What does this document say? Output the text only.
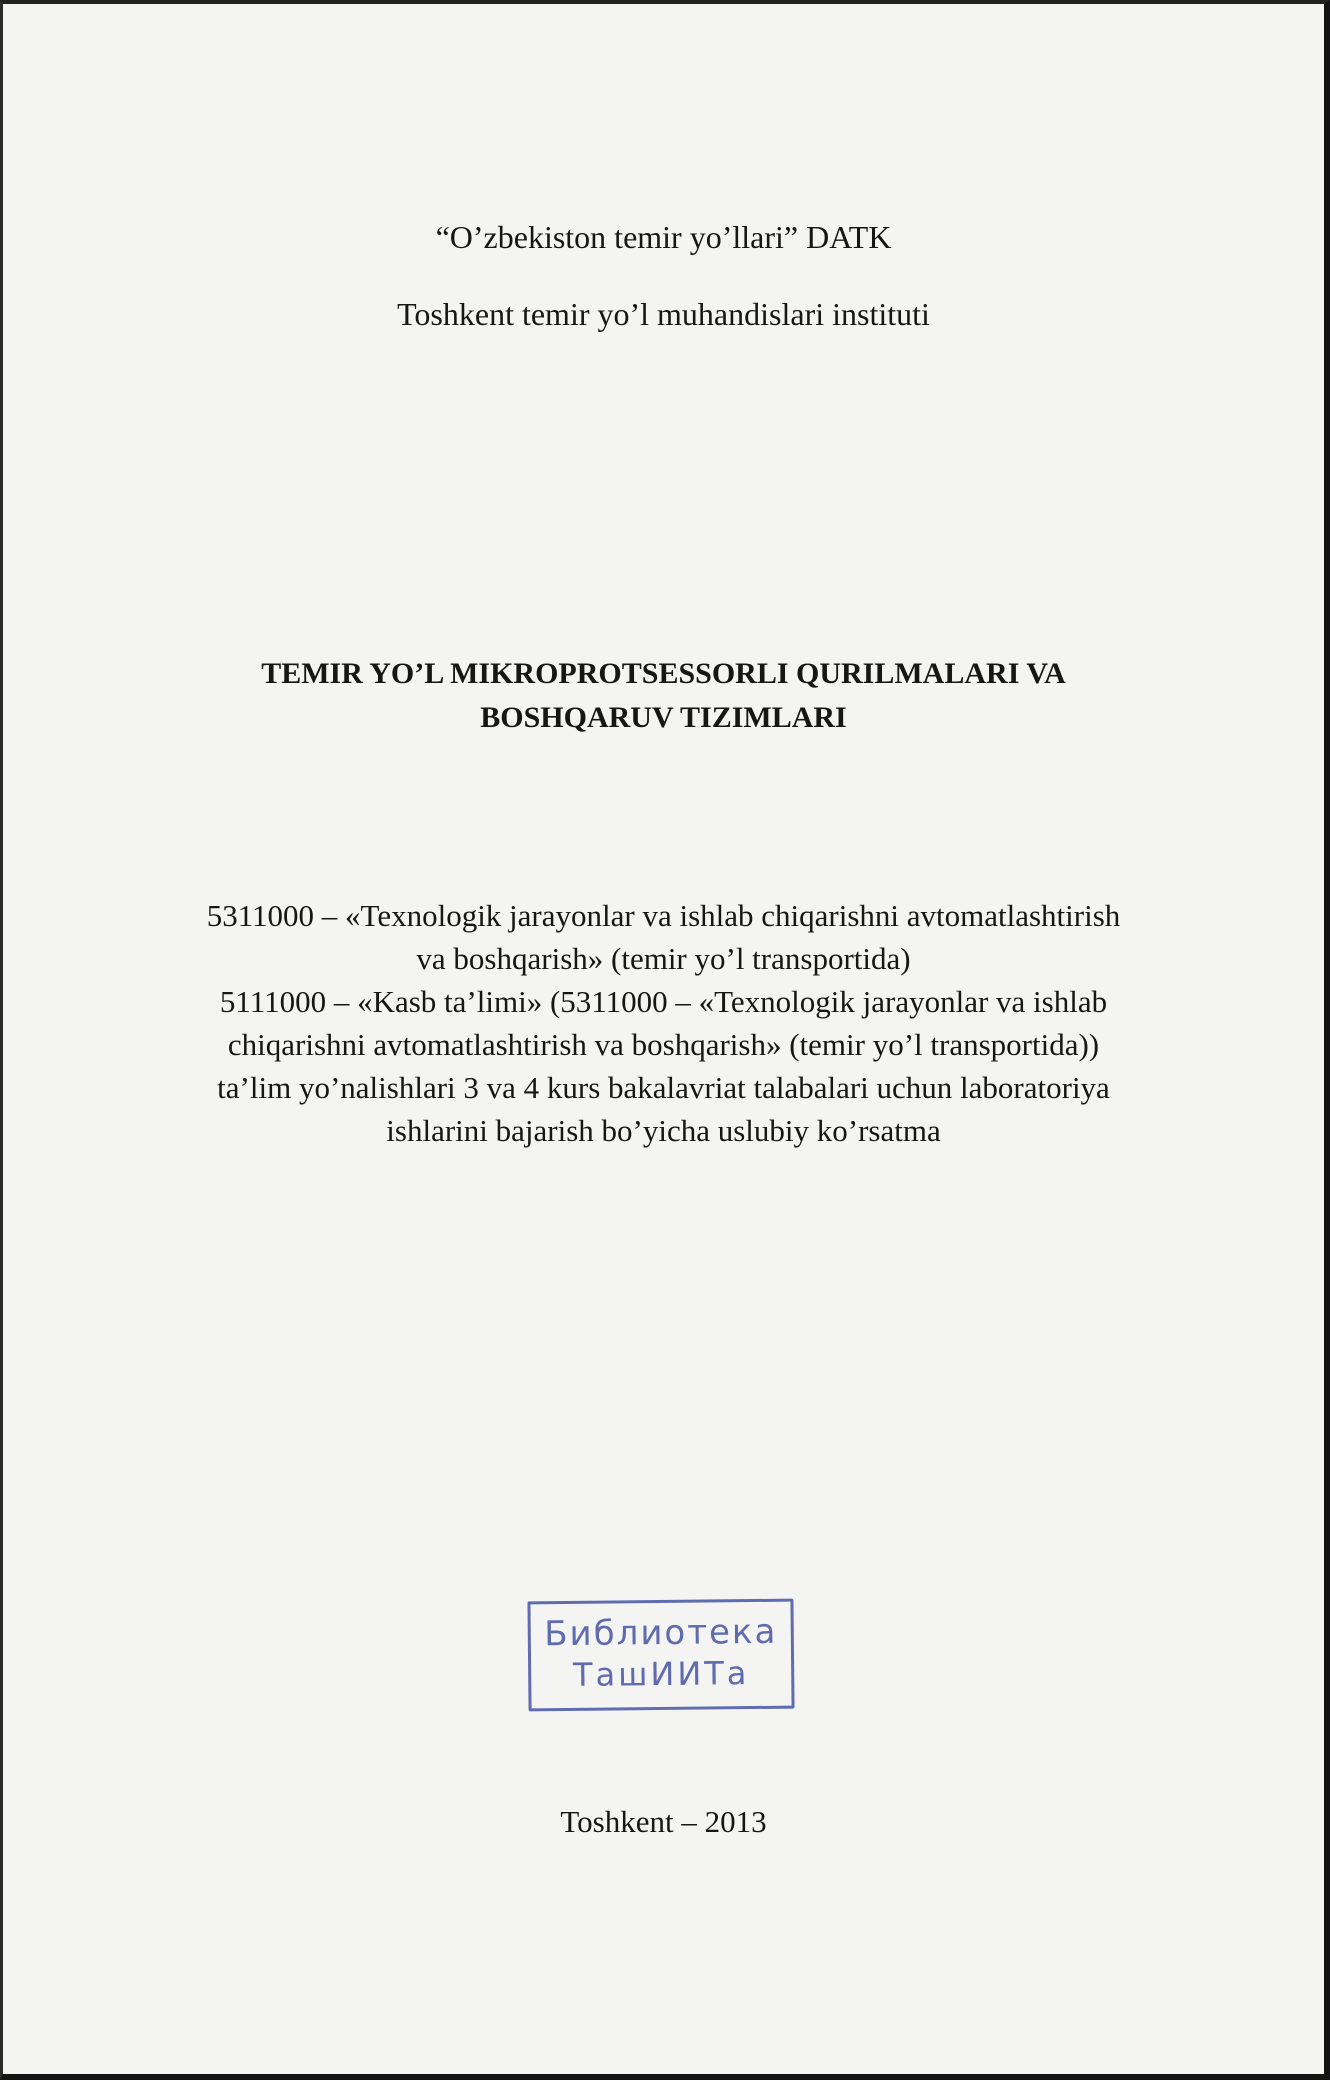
“O’zbekiston temir yo’llari” DATK
Toshkent temir yo’l muhandislari instituti
TEMIR YO’L MIKROPROTSESSORLI QURILMALARI VA
BOSHQARUV TIZIMLARI
5311000 – «Texnologik jarayonlar va ishlab chiqarishni avtomatlashtirish
va boshqarish» (temir yo’l transportida)
5111000 – «Kasb ta’limi» (5311000 – «Texnologik jarayonlar va ishlab
chiqarishni avtomatlashtirish va boshqarish» (temir yo’l transportida))
ta’lim yo’nalishlari 3 va 4 kurs bakalavriat talabalari uchun laboratoriya
ishlarini bajarish bo’yicha uslubiy ko’rsatma
Библиотека
ТашИИТа
Toshkent – 2013
